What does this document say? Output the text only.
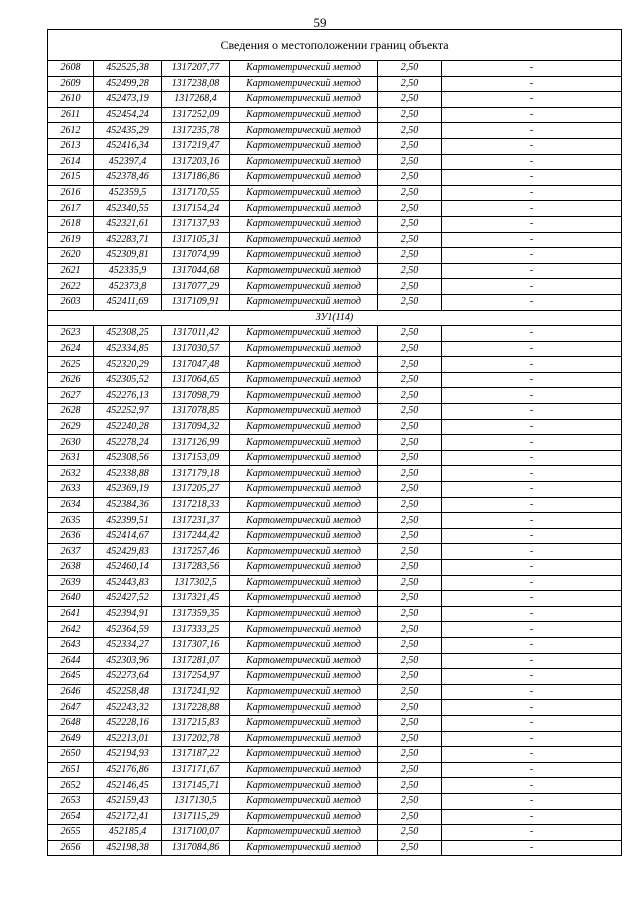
59
Сведения о местоположении границ объекта					
2608	452525,38	1317207,77	Картометрический метод	2,50	-
2609	452499,28	1317238,08	Картометрический метод	2,50	-
2610	452473,19	1317268,4	Картометрический метод	2,50	-
2611	452454,24	1317252,09	Картометрический метод	2,50	-
2612	452435,29	1317235,78	Картометрический метод	2,50	-
2613	452416,34	1317219,47	Картометрический метод	2,50	-
2614	452397,4	1317203,16	Картометрический метод	2,50	-
2615	452378,46	1317186,86	Картометрический метод	2,50	-
2616	452359,5	1317170,55	Картометрический метод	2,50	-
2617	452340,55	1317154,24	Картометрический метод	2,50	-
2618	452321,61	1317137,93	Картометрический метод	2,50	-
2619	452283,71	1317105,31	Картометрический метод	2,50	-
2620	452309,81	1317074,99	Картометрический метод	2,50	-
2621	452335,9	1317044,68	Картометрический метод	2,50	-
2622	452373,8	1317077,29	Картометрический метод	2,50	-
2603	452411,69	1317109,91	Картометрический метод	2,50	-
ЗУ1(114)					
2623	452308,25	1317011,42	Картометрический метод	2,50	-
2624	452334,85	1317030,57	Картометрический метод	2,50	-
2625	452320,29	1317047,48	Картометрический метод	2,50	-
2626	452305,52	1317064,65	Картометрический метод	2,50	-
2627	452276,13	1317098,79	Картометрический метод	2,50	-
2628	452252,97	1317078,85	Картометрический метод	2,50	-
2629	452240,28	1317094,32	Картометрический метод	2,50	-
2630	452278,24	1317126,99	Картометрический метод	2,50	-
2631	452308,56	1317153,09	Картометрический метод	2,50	-
2632	452338,88	1317179,18	Картометрический метод	2,50	-
2633	452369,19	1317205,27	Картометрический метод	2,50	-
2634	452384,36	1317218,33	Картометрический метод	2,50	-
2635	452399,51	1317231,37	Картометрический метод	2,50	-
2636	452414,67	1317244,42	Картометрический метод	2,50	-
2637	452429,83	1317257,46	Картометрический метод	2,50	-
2638	452460,14	1317283,56	Картометрический метод	2,50	-
2639	452443,83	1317302,5	Картометрический метод	2,50	-
2640	452427,52	1317321,45	Картометрический метод	2,50	-
2641	452394,91	1317359,35	Картометрический метод	2,50	-
2642	452364,59	1317333,25	Картометрический метод	2,50	-
2643	452334,27	1317307,16	Картометрический метод	2,50	-
2644	452303,96	1317281,07	Картометрический метод	2,50	-
2645	452273,64	1317254,97	Картометрический метод	2,50	-
2646	452258,48	1317241,92	Картометрический метод	2,50	-
2647	452243,32	1317228,88	Картометрический метод	2,50	-
2648	452228,16	1317215,83	Картометрический метод	2,50	-
2649	452213,01	1317202,78	Картометрический метод	2,50	-
2650	452194,93	1317187,22	Картометрический метод	2,50	-
2651	452176,86	1317171,67	Картометрический метод	2,50	-
2652	452146,45	1317145,71	Картометрический метод	2,50	-
2653	452159,43	1317130,5	Картометрический метод	2,50	-
2654	452172,41	1317115,29	Картометрический метод	2,50	-
2655	452185,4	1317100,07	Картометрический метод	2,50	-
2656	452198,38	1317084,86	Картометрический метод	2,50	-
